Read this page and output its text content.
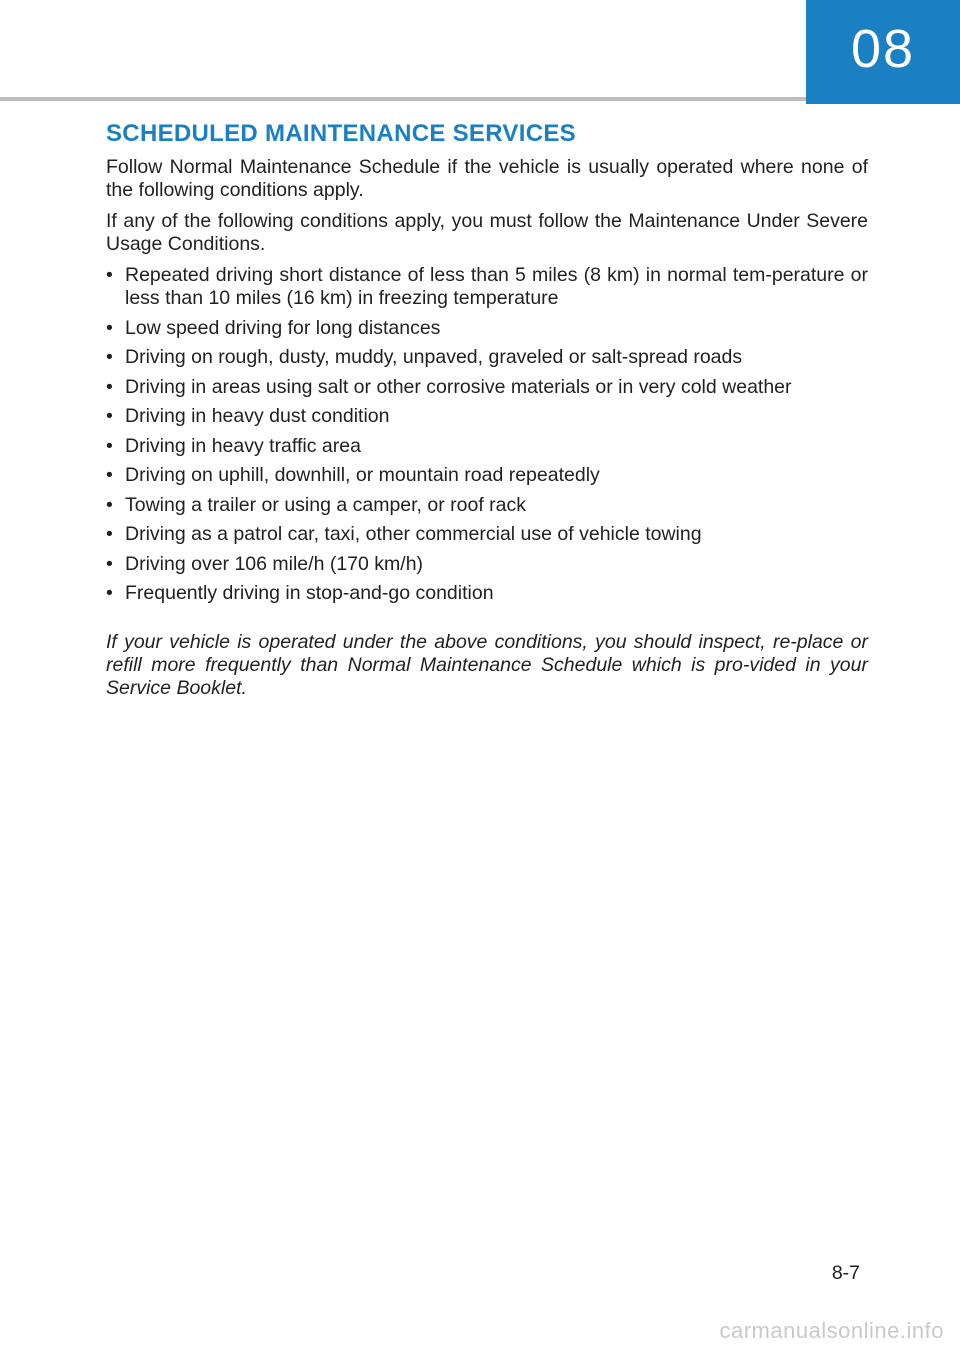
08
SCHEDULED MAINTENANCE SERVICES

Follow Normal Maintenance Schedule if the vehicle is usually operated where none of the following conditions apply.

If any of the following conditions apply, you must follow the Maintenance Under Severe Usage Conditions.

• Repeated driving short distance of less than 5 miles (8 km) in normal tem-perature or less than 10 miles (16 km) in freezing temperature
• Low speed driving for long distances
• Driving on rough, dusty, muddy, unpaved, graveled or salt-spread roads
• Driving in areas using salt or other corrosive materials or in very cold weather
• Driving in heavy dust condition
• Driving in heavy traffic area
• Driving on uphill, downhill, or mountain road repeatedly
• Towing a trailer or using a camper, or roof rack
• Driving as a patrol car, taxi, other commercial use of vehicle towing
• Driving over 106 mile/h (170 km/h)
• Frequently driving in stop-and-go condition

If your vehicle is operated under the above conditions, you should inspect, re-place or refill more frequently than Normal Maintenance Schedule which is pro-vided in your Service Booklet.

8-7
carmanualsonline.info
